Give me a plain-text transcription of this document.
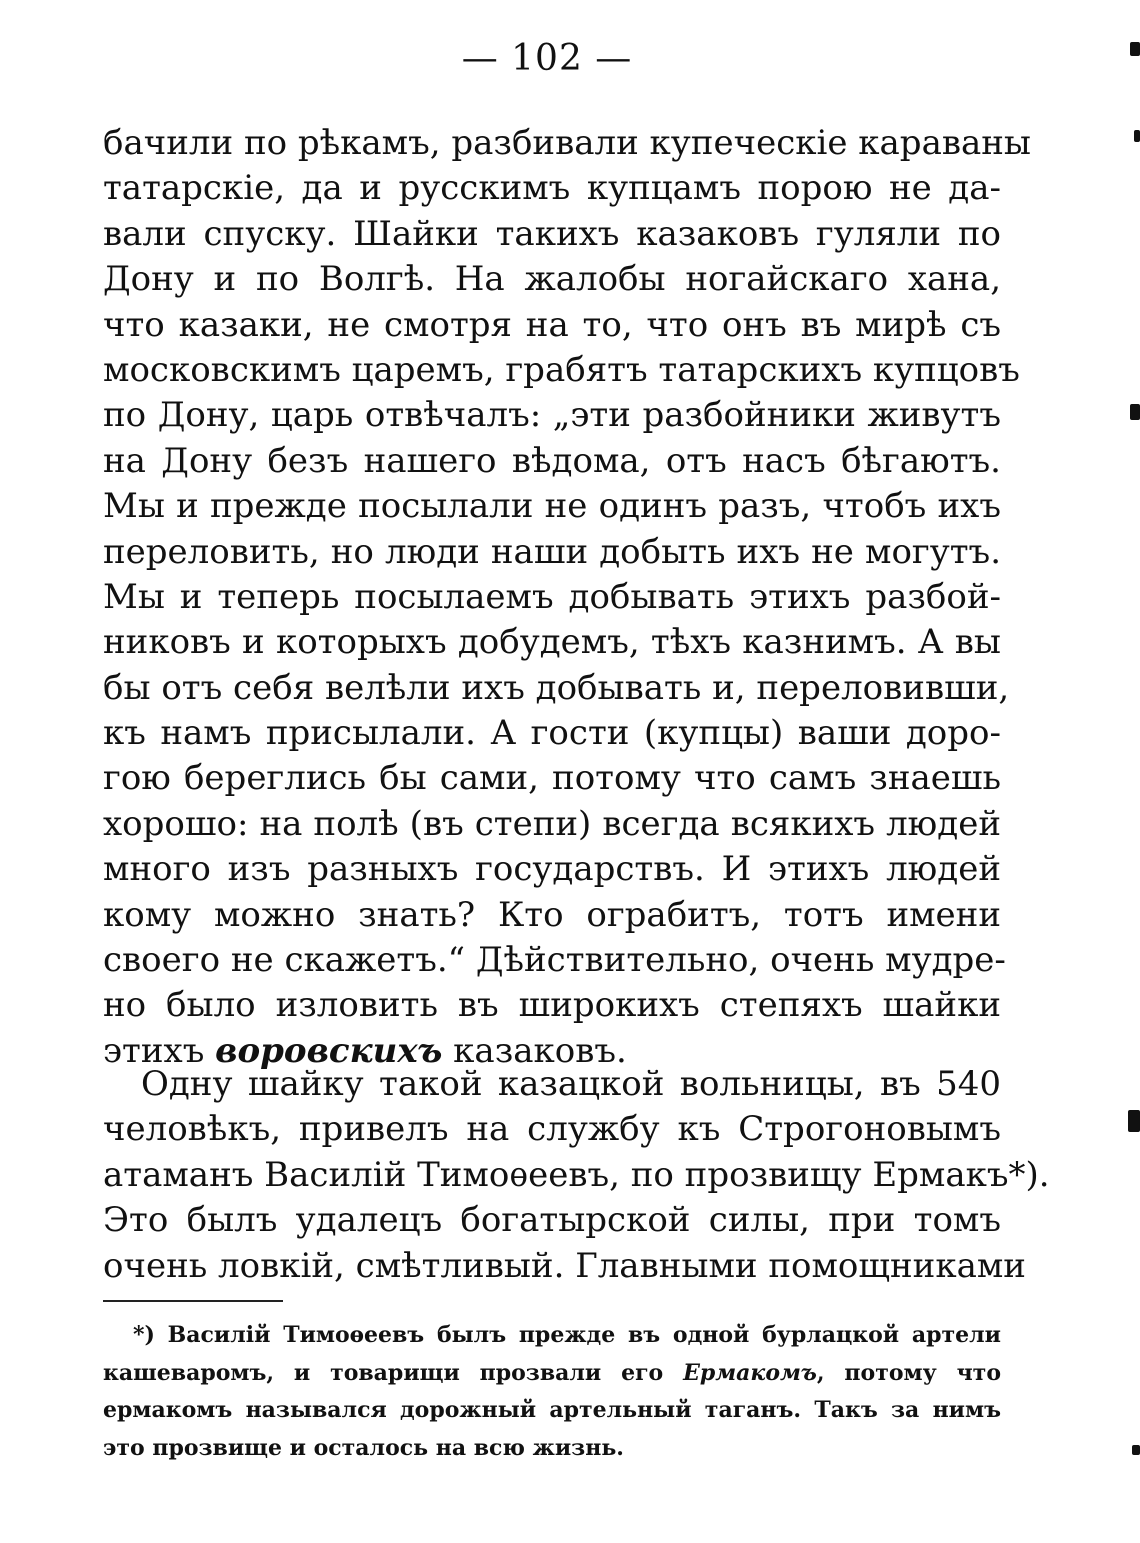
— 102 —
бачили по рѣкамъ, разбивали купеческіе караваны
татарскіе, да и русскимъ купцамъ порою не да-
вали спуску. Шайки такихъ казаковъ гуляли по
Дону и по Волгѣ. На жалобы ногайскаго хана,
что казаки, не смотря на то, что онъ въ мирѣ съ
московскимъ царемъ, грабятъ татарскихъ купцовъ
по Дону, царь отвѣчалъ: „эти разбойники живутъ
на Дону безъ нашего вѣдома, отъ насъ бѣгаютъ.
Мы и прежде посылали не одинъ разъ, чтобъ ихъ
переловить, но люди наши добыть ихъ не могутъ.
Мы и теперь посылаемъ добывать этихъ разбой-
никовъ и которыхъ добудемъ, тѣхъ казнимъ. А вы
бы отъ себя велѣли ихъ добывать и, переловивши,
къ намъ присылали. А гости (купцы) ваши доро-
гою береглись бы сами, потому что самъ знаешь
хорошо: на полѣ (въ степи) всегда всякихъ людей
много изъ разныхъ государствъ. И этихъ людей
кому можно знать? Кто ограбитъ, тотъ имени
своего не скажетъ.“ Дѣйствительно, очень мудре-
но было изловить въ широкихъ степяхъ шайки
этихъ воровскихъ казаковъ.
Одну шайку такой казацкой вольницы, въ 540
человѣкъ, привелъ на службу къ Строгоновымъ
атаманъ Василій Тимоѳеевъ, по прозвищу Ермакъ*).
Это былъ удалецъ богатырской силы, при томъ
очень ловкій, смѣтливый. Главными помощниками
*) Василій Тимоѳеевъ былъ прежде въ одной бурлацкой артели
кашеваромъ, и товарищи прозвали его Ермакомъ, потому что
ермакомъ назывался дорожный артельный таганъ. Такъ за нимъ
это прозвище и осталось на всю жизнь.
